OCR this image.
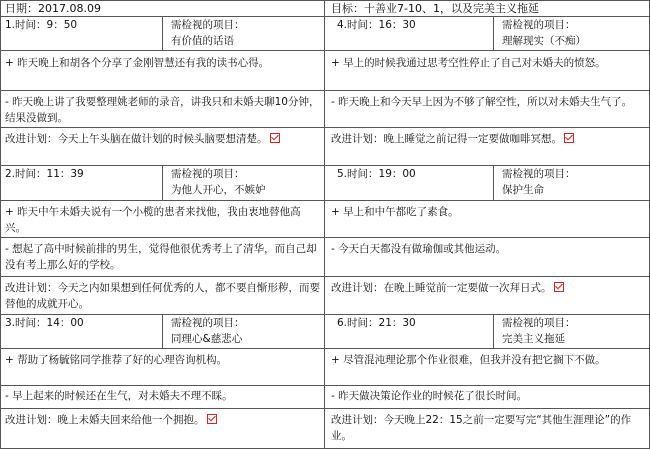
日期：2017.08.09
1.时间：9：50	需检视的项目：
有价值的话语
+ 昨天晚上和胡各个分享了金刚智慧还有我的读书心得。
- 昨天晚上讲了我要整理姚老师的录音，讲我只和未婚夫聊10分钟，结果没做到。
改进计划：今天上午头脑在做计划的时候头脑要想清楚。
2.时间：11：39	需检视的项目：
为他人开心，不嫉妒
+ 昨天中午未婚夫说有一个小榄的患者来找他，我由衷地替他高兴。
- 想起了高中时候前排的男生，觉得他很优秀考上了清华，而自己却没有考上那么好的学校。
改进计划：今天之内如果想到任何优秀的人，都不要自惭形秽，而要替他的成就开心。
3.时间：14：00	需检视的项目：
同理心&慈悲心
+ 帮助了杨毓铭同学推荐了好的心理咨询机构。
- 早上起来的时候还在生气，对未婚夫不理不睬。
改进计划：晚上未婚夫回来给他一个拥抱。
目标：十善业7-10、1，以及完美主义拖延
4.时间：16：30	需检视的项目：
理解现实（不痴）
+ 早上的时候我通过思考空性停止了自己对未婚夫的愤怒。
- 昨天晚上和今天早上因为不够了解空性，所以对未婚夫生气了。
改进计划：晚上睡觉之前记得一定要做咖啡冥想。
5.时间：19：00	需检视的项目：
保护生命
+ 早上和中午都吃了素食。
- 今天白天都没有做瑜伽或其他运动。
改进计划：在晚上睡觉前一定要做一次拜日式。
6.时间：21：30	需检视的项目：
完美主义拖延
+ 尽管混沌理论那个作业很难，但我并没有把它搁下不做。
- 昨天做决策论作业的时候花了很长时间。
改进计划：今天晚上22：15之前一定要写完“其他生涯理论”的作业。
